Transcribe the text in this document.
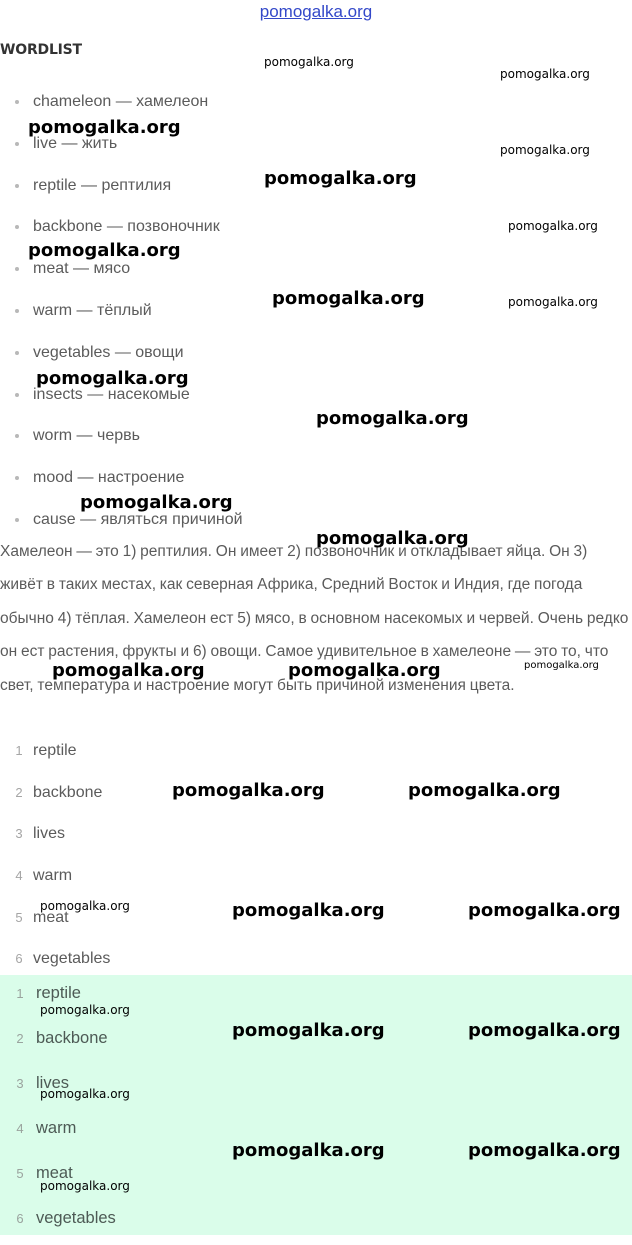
pomogalka.org
WORDLIST
chameleon — хамелеон
live — жить
reptile — рептилия
backbone — позвоночник
meat — мясо
warm — тёплый
vegetables — овощи
insects — насекомые
worm — червь
mood — настроение
cause — являться причиной

Хамелеон — это 1) рептилия. Он имеет 2) позвоночник и откладывает яйца. Он 3) живёт в таких местах, как северная Африка, Средний Восток и Индия, где погода обычно 4) тёплая. Хамелеон ест 5) мясо, в основном насекомых и червей. Очень редко он ест растения, фрукты и 6) овощи. Самое удивительное в хамелеоне — это то, что свет, температура и настроение могут быть причиной изменения цвета.

1 reptile
2 backbone
3 lives
4 warm
5 meat
6 vegetables
1 reptile
2 backbone
3 lives
4 warm
5 meat
6 vegetables
pomogalka.org
pomogalka.org
pomogalka.org
pomogalka.org
pomogalka.org
pomogalka.org
pomogalka.org
pomogalka.org	pomogalka.org
pomogalka.org
pomogalka.org
pomogalka.org
pomogalka.org
pomogalka.org	pomogalka.org	pomogalka.org
pomogalka.org	pomogalka.org
pomogalka.org	pomogalka.org	pomogalka.org
pomogalka.org
pomogalka.org	pomogalka.org
pomogalka.org
pomogalka.org	pomogalka.org
pomogalka.org
